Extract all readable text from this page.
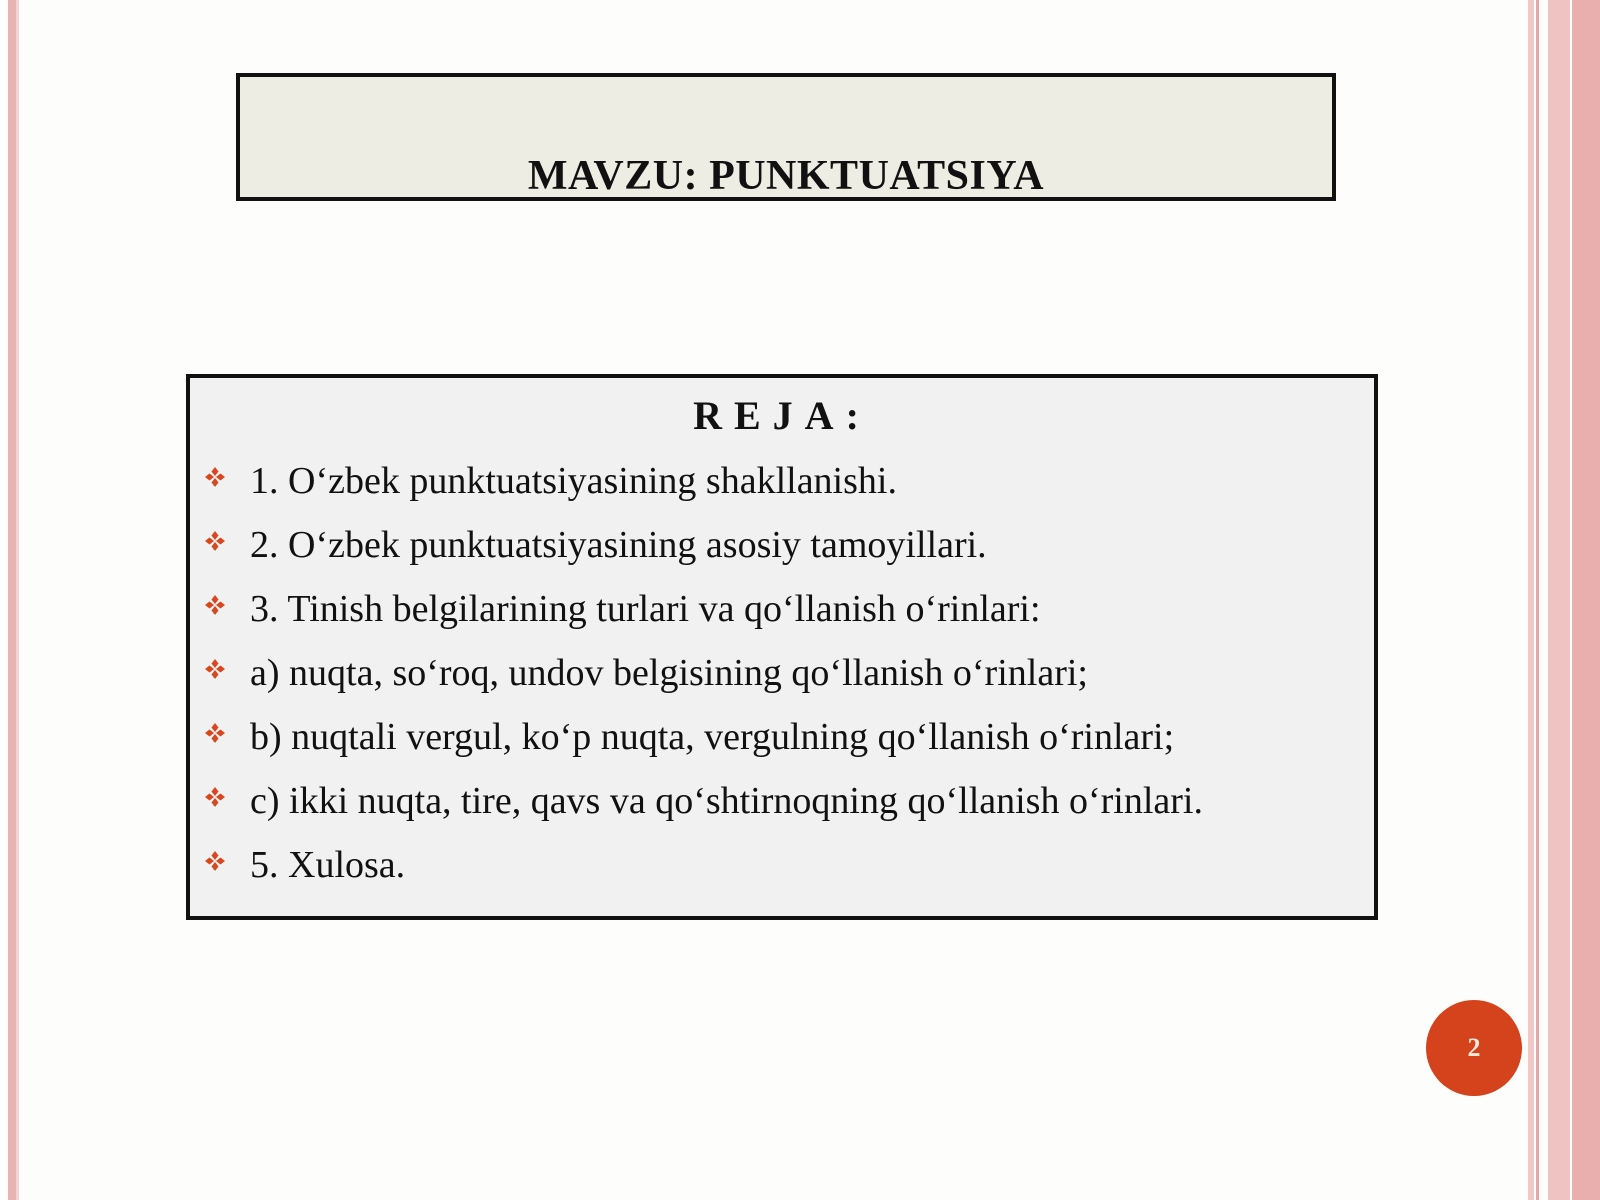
MAVZU: PUNKTUATSIYA
REJA:
1. O‘zbek punktuatsiyasining shakllanishi.
2. O‘zbek punktuatsiyasining asosiy tamoyillari.
3. Tinish belgilarining turlari va qo‘llanish o‘rinlari:
a) nuqta, so‘roq, undov belgisining qo‘llanish o‘rinlari;
b) nuqtali vergul, ko‘p nuqta, vergulning qo‘llanish o‘rinlari;
c) ikki nuqta, tire, qavs va qo‘shtirnoqning qo‘llanish o‘rinlari.
5. Xulosa.
2
